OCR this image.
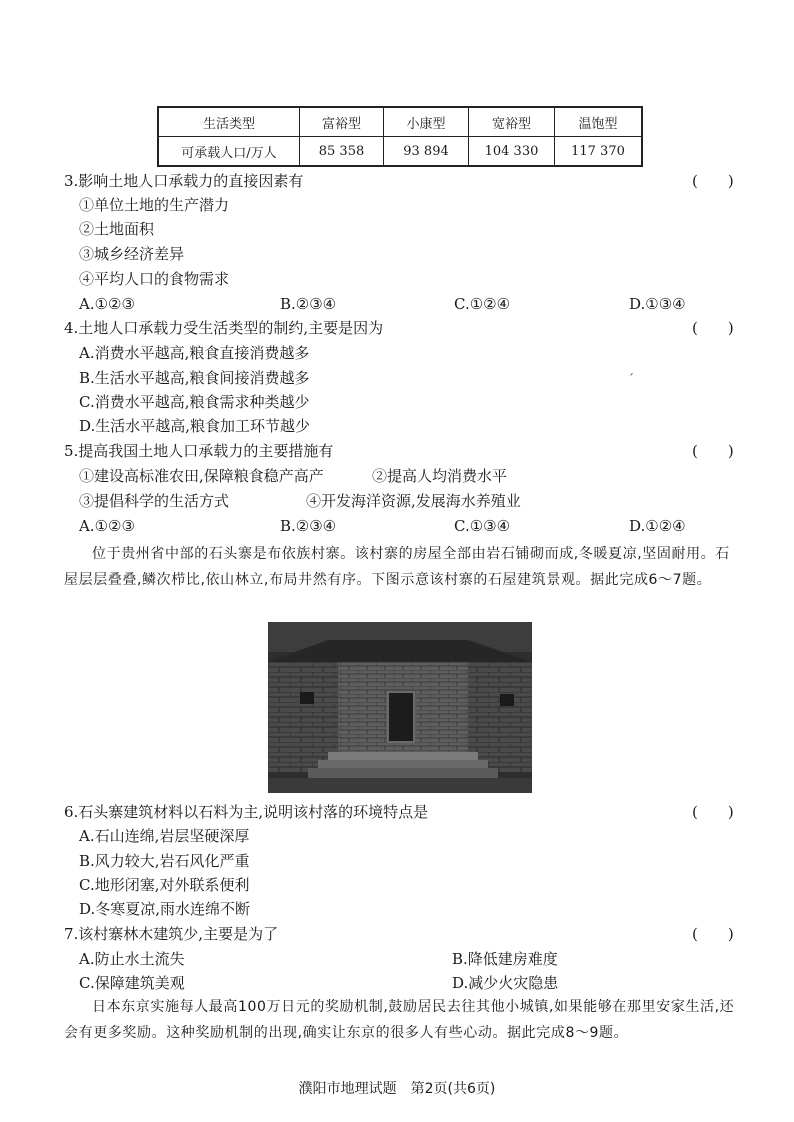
生活类型	富裕型	小康型	宽裕型	温饱型
可承载人口/万人	85 358	93 894	104 330	117 370
3.影响土地人口承载力的直接因素有	(　　)
①单位土地的生产潜力
②土地面积
③城乡经济差异
④平均人口的食物需求
A.①②③	B.②③④	C.①②④	D.①③④
4.土地人口承载力受生活类型的制约,主要是因为	(　　)
A.消费水平越高,粮食直接消费越多
B.生活水平越高,粮食间接消费越多	ˊ
C.消费水平越高,粮食需求种类越少
D.生活水平越高,粮食加工环节越少
5.提高我国土地人口承载力的主要措施有	(　　)
①建设高标准农田,保障粮食稳产高产	②提高人均消费水平
③提倡科学的生活方式	④开发海洋资源,发展海水养殖业
A.①②③	B.②③④	C.①③④	D.①②④
位于贵州省中部的石头寨是布依族村寨。该村寨的房屋全部由岩石铺砌而成,冬暖夏凉,坚固耐用。石屋层层叠叠,鳞次栉比,依山林立,布局井然有序。下图示意该村寨的石屋建筑景观。据此完成6～7题。
6.石头寨建筑材料以石料为主,说明该村落的环境特点是	(　　)
A.石山连绵,岩层坚硬深厚
B.风力较大,岩石风化严重
C.地形闭塞,对外联系便利
D.冬寒夏凉,雨水连绵不断
7.该村寨林木建筑少,主要是为了	(　　)
A.防止水土流失	B.降低建房难度
C.保障建筑美观	D.减少火灾隐患
日本东京实施每人最高100万日元的奖励机制,鼓励居民去往其他小城镇,如果能够在那里安家生活,还会有更多奖励。这种奖励机制的出现,确实让东京的很多人有些心动。据此完成8～9题。
濮阳市地理试题　第2页(共6页)
